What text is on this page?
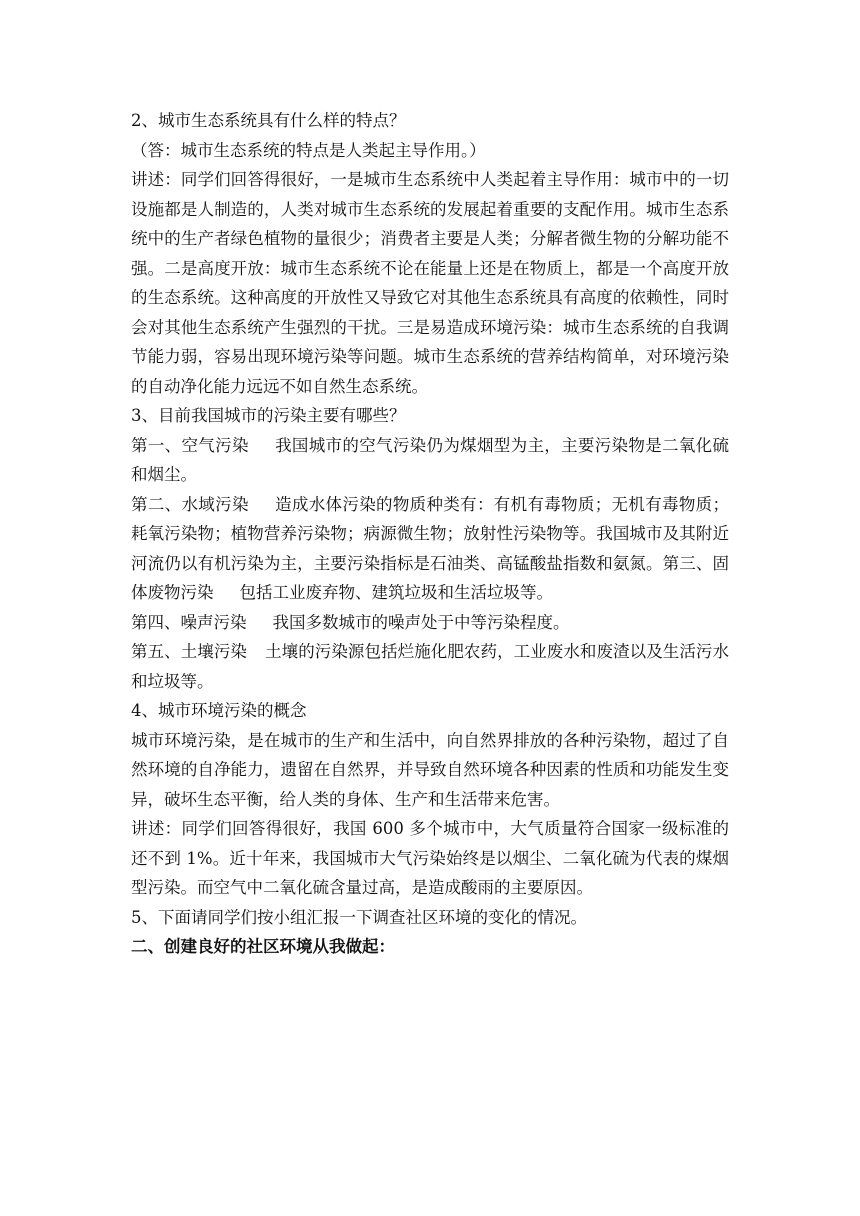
2、城市生态系统具有什么样的特点？

（答：城市生态系统的特点是人类起主导作用。）

讲述：同学们回答得很好，一是城市生态系统中人类起着主导作用：城市中的一切设施都是人制造的，人类对城市生态系统的发展起着重要的支配作用。城市生态系统中的生产者绿色植物的量很少；消费者主要是人类；分解者微生物的分解功能不强。二是高度开放：城市生态系统不论在能量上还是在物质上，都是一个高度开放的生态系统。这种高度的开放性又导致它对其他生态系统具有高度的依赖性，同时会对其他生态系统产生强烈的干扰。三是易造成环境污染：城市生态系统的自我调节能力弱，容易出现环境污染等问题。城市生态系统的营养结构简单，对环境污染的自动净化能力远远不如自然生态系统。

3、目前我国城市的污染主要有哪些？

第一、空气污染 我国城市的空气污染仍为煤烟型为主，主要污染物是二氧化硫和烟尘。

第二、水域污染 造成水体污染的物质种类有：有机有毒物质；无机有毒物质；耗氧污染物；植物营养污染物；病源微生物；放射性污染物等。我国城市及其附近河流仍以有机污染为主，主要污染指标是石油类、高锰酸盐指数和氨氮。第三、固体废物污染 包括工业废弃物、建筑垃圾和生活垃圾等。

第四、噪声污染 我国多数城市的噪声处于中等污染程度。

第五、土壤污染 土壤的污染源包括烂施化肥农药，工业废水和废渣以及生活污水和垃圾等。

4、城市环境污染的概念

城市环境污染，是在城市的生产和生活中，向自然界排放的各种污染物，超过了自然环境的自净能力，遗留在自然界，并导致自然环境各种因素的性质和功能发生变异，破坏生态平衡，给人类的身体、生产和生活带来危害。

讲述：同学们回答得很好，我国 600 多个城市中，大气质量符合国家一级标准的还不到 1%。近十年来，我国城市大气污染始终是以烟尘、二氧化硫为代表的煤烟型污染。而空气中二氧化硫含量过高，是造成酸雨的主要原因。

5、下面请同学们按小组汇报一下调查社区环境的变化的情况。

二、创建良好的社区环境从我做起：
